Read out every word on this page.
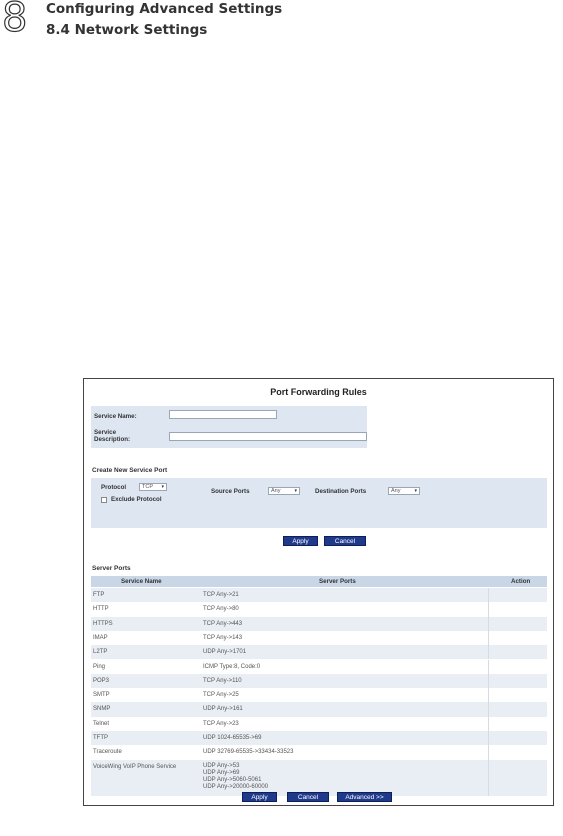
8 Configuring Advanced Settings
8.4 Network Settings
Port Forwarding Rules
Service Name:
Service Description:
Create New Service Port
Protocol	TCP ▾
Exclude Protocol
Source Ports	Any	▾	Destination Ports	Any	▾
Apply	Cancel
Server Ports
Service Name	Server Ports	Action
FTP	TCP Any->21
HTTP	TCP Any->80
HTTPS	TCP Any->443
IMAP	TCP Any->143
L2TP	UDP Any->1701
Ping	ICMP Type:8, Code:0
POP3	TCP Any->110
SMTP	TCP Any->25
SNMP	UDP Any->161
Telnet	TCP Any->23
TFTP	UDP 1024-65535->69
Traceroute	UDP 32769-65535->33434-33523
VoiceWing VoIP Phone Service	UDP Any->53
UDP Any->69
UDP Any->5060-5061
UDP Any->20000-60000
Apply	Cancel	Advanced >>
